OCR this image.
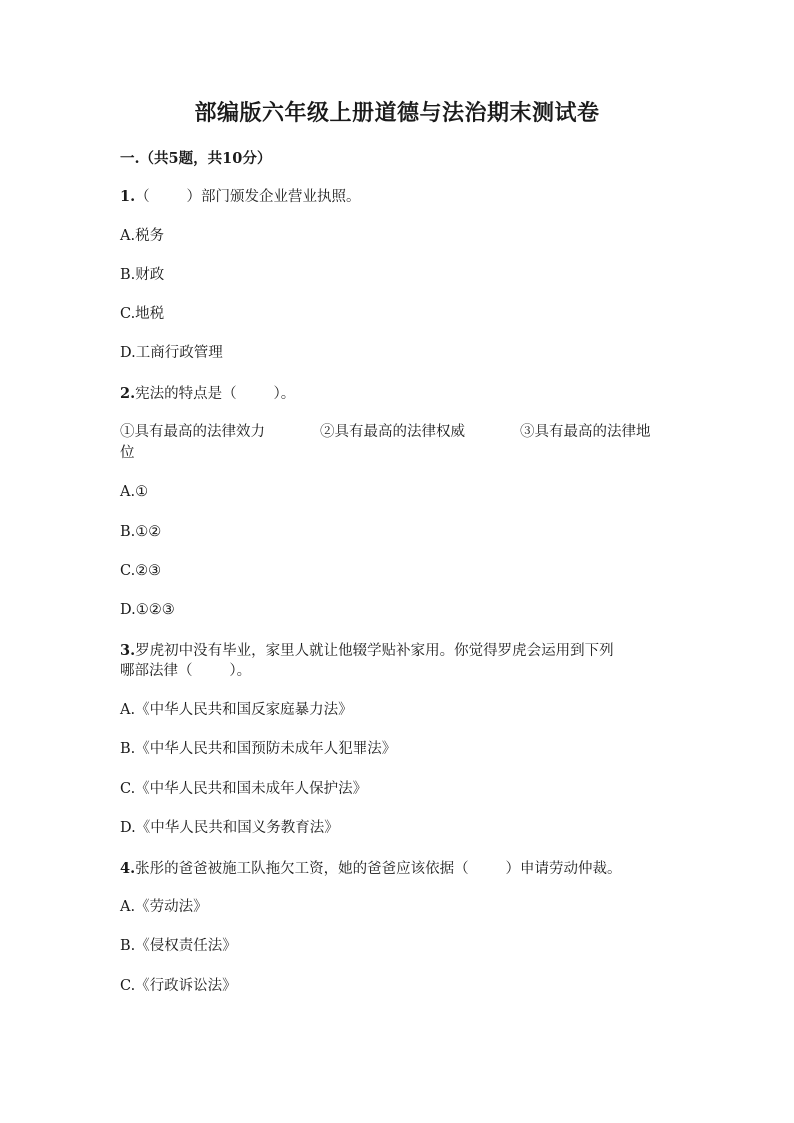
部编版六年级上册道德与法治期末测试卷

一.（共5题，共10分）

1.（        ）部门颁发企业营业执照。

A.税务

B.财政

C.地税

D.工商行政管理

2.宪法的特点是（        ）。

①具有最高的法律效力	②具有最高的法律权威	③具有最高的法律地

位

A.①

B.①②

C.②③

D.①②③

3.罗虎初中没有毕业，家里人就让他辍学贴补家用。你觉得罗虎会运用到下列

哪部法律（        ）。

A.《中华人民共和国反家庭暴力法》

B.《中华人民共和国预防未成年人犯罪法》

C.《中华人民共和国未成年人保护法》

D.《中华人民共和国义务教育法》

4.张彤的爸爸被施工队拖欠工资，她的爸爸应该依据（        ）申请劳动仲裁。

A.《劳动法》

B.《侵权责任法》

C.《行政诉讼法》
